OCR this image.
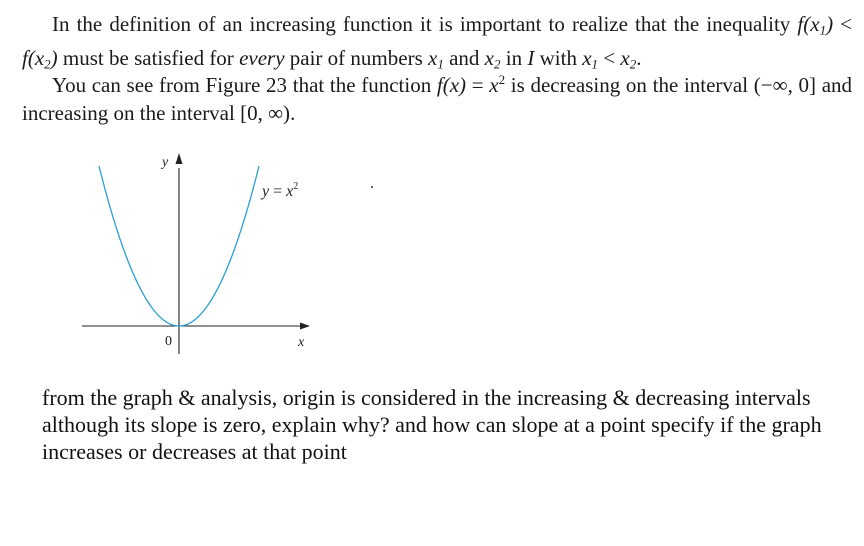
In the definition of an increasing function it is important to realize that the inequality $f(x_1) < f(x_2)$ must be satisfied for every pair of numbers $x_1$ and $x_2$ in I with $x_1 < x_2$.

You can see from Figure 23 that the function $f(x) = x^2$ is decreasing on the interval (−∞, 0] and increasing on the interval [0, ∞).

y
x
0
$y = x^2$

from the graph & analysis, origin is considered in the increasing & decreasing intervals although its slope is zero, explain why? and how can slope at a point specify if the graph increases or decreases at that point
